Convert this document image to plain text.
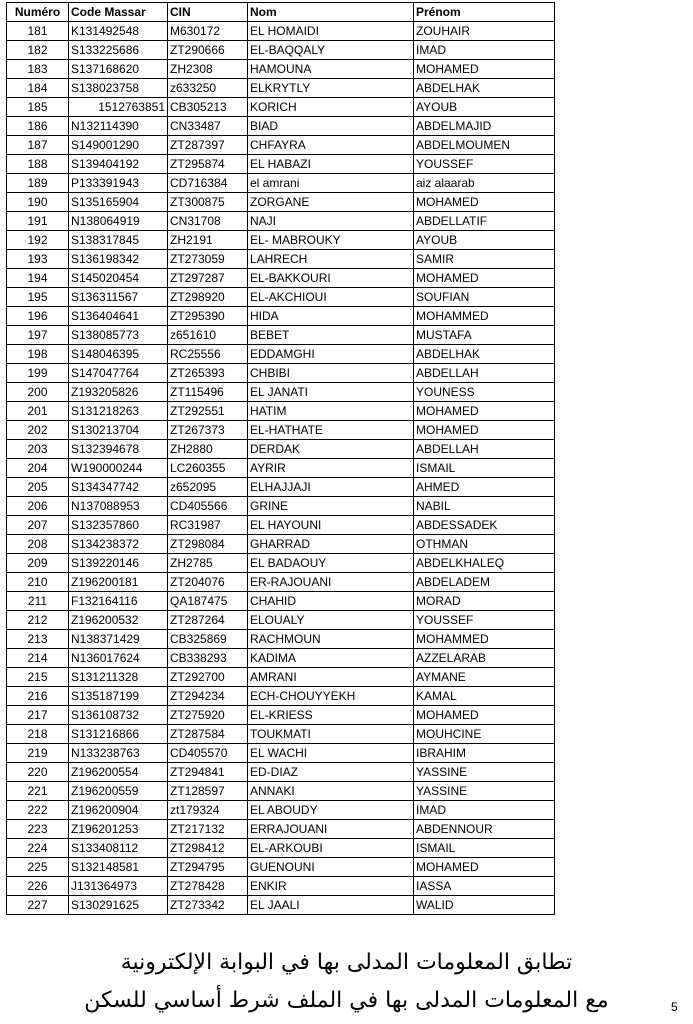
Numéro	Code Massar	CIN	Nom	Prénom
181	K131492548	M630172	EL HOMAIDI	ZOUHAIR
182	S133225686	ZT290666	EL-BAQQALY	IMAD
183	S137168620	ZH2308	HAMOUNA	MOHAMED
184	S138023758	z633250	ELKRYTLY	ABDELHAK
185	1512763851	CB305213	KORICH	AYOUB
186	N132114390	CN33487	BIAD	ABDELMAJID
187	S149001290	ZT287397	CHFAYRA	ABDELMOUMEN
188	S139404192	ZT295874	EL HABAZI	YOUSSEF
189	P133391943	CD716384	el amrani	aiz alaarab
190	S135165904	ZT300875	ZORGANE	MOHAMED
191	N138064919	CN31708	NAJI	ABDELLATIF
192	S138317845	ZH2191	EL- MABROUKY	AYOUB
193	S136198342	ZT273059	LAHRECH	SAMIR
194	S145020454	ZT297287	EL-BAKKOURI	MOHAMED
195	S136311567	ZT298920	EL-AKCHIOUI	SOUFIAN
196	S136404641	ZT295390	HIDA	MOHAMMED
197	S138085773	z651610	BEBET	MUSTAFA
198	S148046395	RC25556	EDDAMGHI	ABDELHAK
199	S147047764	ZT265393	CHBIBI	ABDELLAH
200	Z193205826	ZT115496	EL JANATI	YOUNESS
201	S131218263	ZT292551	HATIM	MOHAMED
202	S130213704	ZT267373	EL-HATHATE	MOHAMED
203	S132394678	ZH2880	DERDAK	ABDELLAH
204	W190000244	LC260355	AYRIR	ISMAIL
205	S134347742	z652095	ELHAJJAJI	AHMED
206	N137088953	CD405566	GRINE	NABIL
207	S132357860	RC31987	EL HAYOUNI	ABDESSADEK
208	S134238372	ZT298084	GHARRAD	OTHMAN
209	S139220146	ZH2785	EL BADAOUY	ABDELKHALEQ
210	Z196200181	ZT204076	ER-RAJOUANI	ABDELADEM
211	F132164116	QA187475	CHAHID	MORAD
212	Z196200532	ZT287264	ELOUALY	YOUSSEF
213	N138371429	CB325869	RACHMOUN	MOHAMMED
214	N136017624	CB338293	KADIMA	AZZELARAB
215	S131211328	ZT292700	AMRANI	AYMANE
216	S135187199	ZT294234	ECH-CHOUYYEKH	KAMAL
217	S136108732	ZT275920	EL-KRIESS	MOHAMED
218	S131216866	ZT287584	TOUKMATI	MOUHCINE
219	N133238763	CD405570	EL WACHI	IBRAHIM
220	Z196200554	ZT294841	ED-DIAZ	YASSINE
221	Z196200559	ZT128597	ANNAKI	YASSINE
222	Z196200904	zt179324	EL ABOUDY	IMAD
223	Z196201253	ZT217132	ERRAJOUANI	ABDENNOUR
224	S133408112	ZT298412	EL-ARKOUBI	ISMAIL
225	S132148581	ZT294795	GUENOUNI	MOHAMED
226	J131364973	ZT278428	ENKIR	IASSA
227	S130291625	ZT273342	EL JAALI	WALID
تطابق المعلومات المدلى بها في البوابة الإلكترونية
مع المعلومات المدلى بها في الملف شرط أساسي للسكن	5
